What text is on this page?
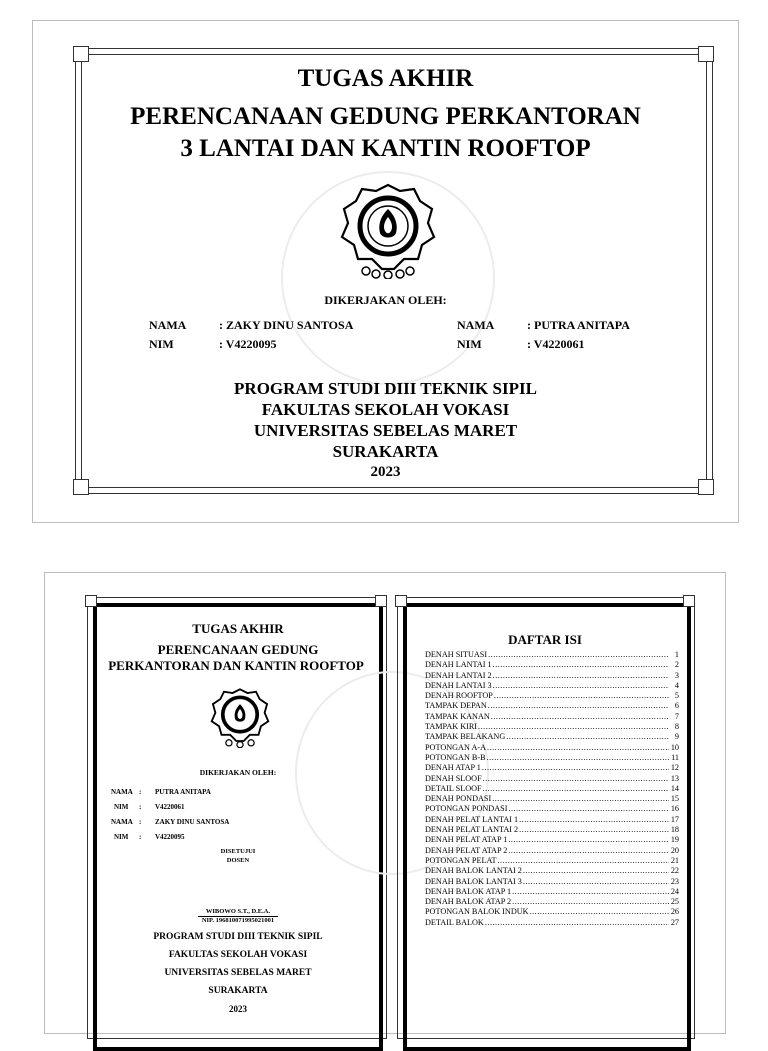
TUGAS AKHIR
PERENCANAAN GEDUNG PERKANTORAN
3 LANTAI DAN KANTIN ROOFTOP
DIKERJAKAN OLEH:
NAMA	: ZAKY DINU SANTOSA
NIM	: V4220095
NAMA	: PUTRA ANITAPA
NIM	: V4220061
PROGRAM STUDI DIII TEKNIK SIPIL
FAKULTAS SEKOLAH VOKASI
UNIVERSITAS SEBELAS MARET
SURAKARTA
2023
TUGAS AKHIR
PERENCANAAN GEDUNG
PERKANTORAN DAN KANTIN ROOFTOP
DIKERJAKAN OLEH:
NAMA : PUTRA ANITAPA
NIM : V4220061
NAMA : ZAKY DINU SANTOSA
NIM : V4220095
DISETUJUI
DOSEN
WIBOWO S.T., D.E.A.
NIP. 196810071995021001
PROGRAM STUDI DIII TEKNIK SIPIL
FAKULTAS SEKOLAH VOKASI
UNIVERSITAS SEBELAS MARET
SURAKARTA
2023
DAFTAR ISI
DENAH SITUASI .....	1
DENAH LANTAI 1 .....	2
DENAH LANTAI 2 .....	3
DENAH LANTAI 3 .....	4
DENAH ROOFTOP .....	5
TAMPAK DEPAN .....	6
TAMPAK KANAN .....	7
TAMPAK KIRI .....	8
TAMPAK BELAKANG .....	9
POTONGAN A-A .....	10
POTONGAN B-B .....	11
DENAH ATAP 1 .....	12
DENAH SLOOF .....	13
DETAIL SLOOF .....	14
DENAH PONDASI .....	15
POTONGAN PONDASI .....	16
DENAH PELAT LANTAI 1 .....	17
DENAH PELAT LANTAI 2 .....	18
DENAH PELAT ATAP 1 .....	19
DENAH PELAT ATAP 2 .....	20
POTONGAN PELAT .....	21
DENAH BALOK LANTAI 2 .....	22
DENAH BALOK LANTAI 3 .....	23
DENAH BALOK ATAP 1 .....	24
DENAH BALOK ATAP 2 .....	25
POTONGAN BALOK INDUK .....	26
DETAIL BALOK .....	27
